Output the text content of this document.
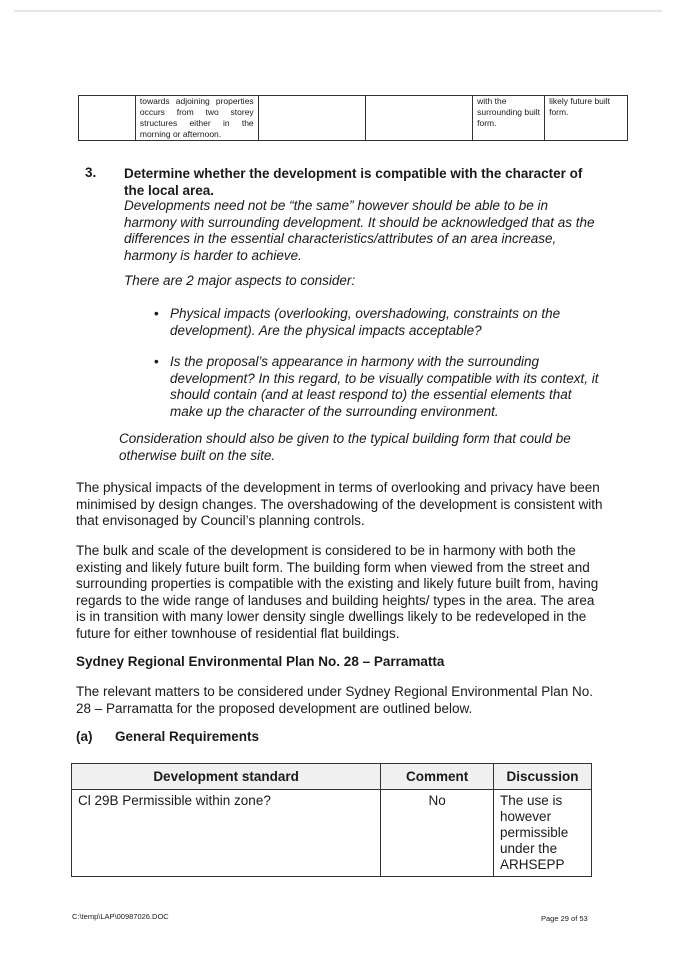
	towards adjoining properties occurs from two storey structures either in the morning or afternoon.			with the surrounding built form.	likely future built form.
3. Determine whether the development is compatible with the character of the local area.
Developments need not be “the same” however should be able to be in harmony with surrounding development. It should be acknowledged that as the differences in the essential characteristics/attributes of an area increase, harmony is harder to achieve.
There are 2 major aspects to consider:
• Physical impacts (overlooking, overshadowing, constraints on the development). Are the physical impacts acceptable?
• Is the proposal’s appearance in harmony with the surrounding development? In this regard, to be visually compatible with its context, it should contain (and at least respond to) the essential elements that make up the character of the surrounding environment.
Consideration should also be given to the typical building form that could be otherwise built on the site.
The physical impacts of the development in terms of overlooking and privacy have been minimised by design changes. The overshadowing of the development is consistent with that envisonaged by Council’s planning controls.
The bulk and scale of the development is considered to be in harmony with both the existing and likely future built form. The building form when viewed from the street and surrounding properties is compatible with the existing and likely future built from, having regards to the wide range of landuses and building heights/ types in the area. The area is in transition with many lower density single dwellings likely to be redeveloped in the future for either townhouse of residential flat buildings.
Sydney Regional Environmental Plan No. 28 – Parramatta
The relevant matters to be considered under Sydney Regional Environmental Plan No. 28 – Parramatta for the proposed development are outlined below.
(a) General Requirements
Development standard	Comment	Discussion
Cl 29B Permissible within zone?	No	The use is however permissible under the ARHSEPP
C:\temp\LAP\00987026.DOC	Page 29 of 53
